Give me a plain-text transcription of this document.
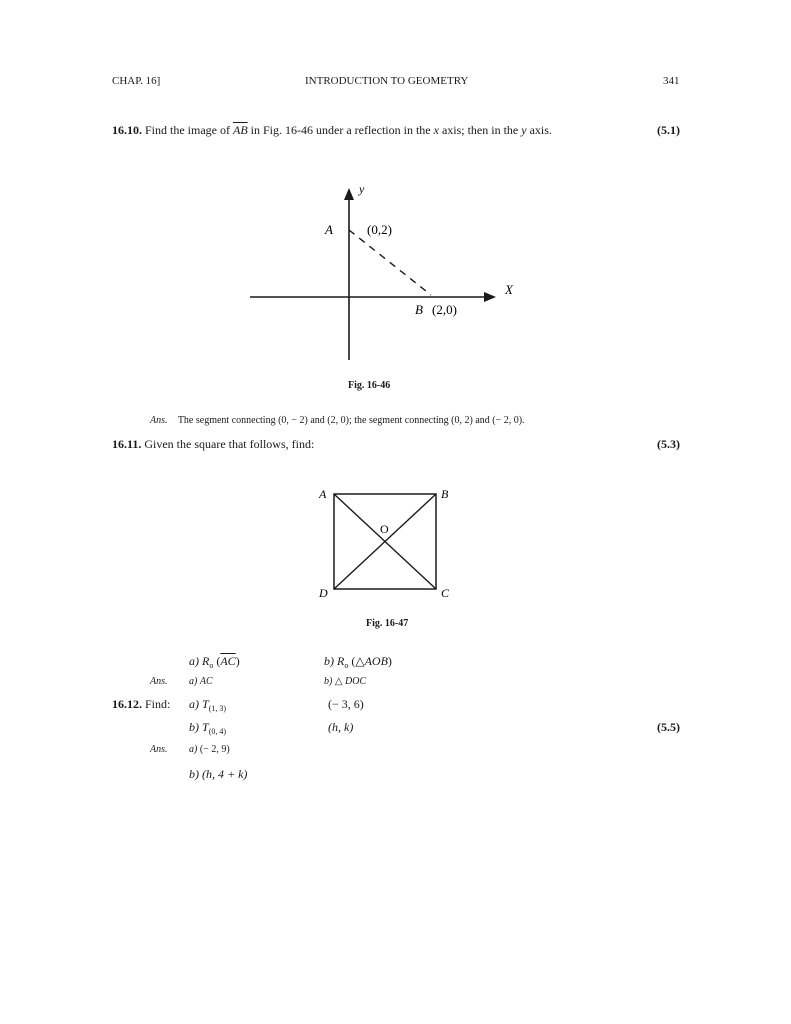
CHAP. 16]	INTRODUCTION TO GEOMETRY	341
16.10. Find the image of $\overline{AB}$ in Fig. 16-46 under a reflection in the x axis; then in the y axis.	(5.1)
y
X
A	(0,2)
B (2,0)
Fig. 16-46
Ans. The segment connecting (0, − 2) and (2, 0); the segment connecting (0, 2) and (− 2, 0).
16.11. Given the square that follows, find:	(5.3)
A	B
C
D
O
Fig. 16-47
a) $R_o$ $(\overline{AC})$	b) $R_o$ (△AOB)
Ans. a) AC	b) △ DOC
16.12. Find: a) $T_{(1, 3)}$	(− 3, 6)
b) $T_{(0, 4)}$	(h, k)	(5.5)
Ans. a) (− 2, 9)
b) (h, 4 + k)
